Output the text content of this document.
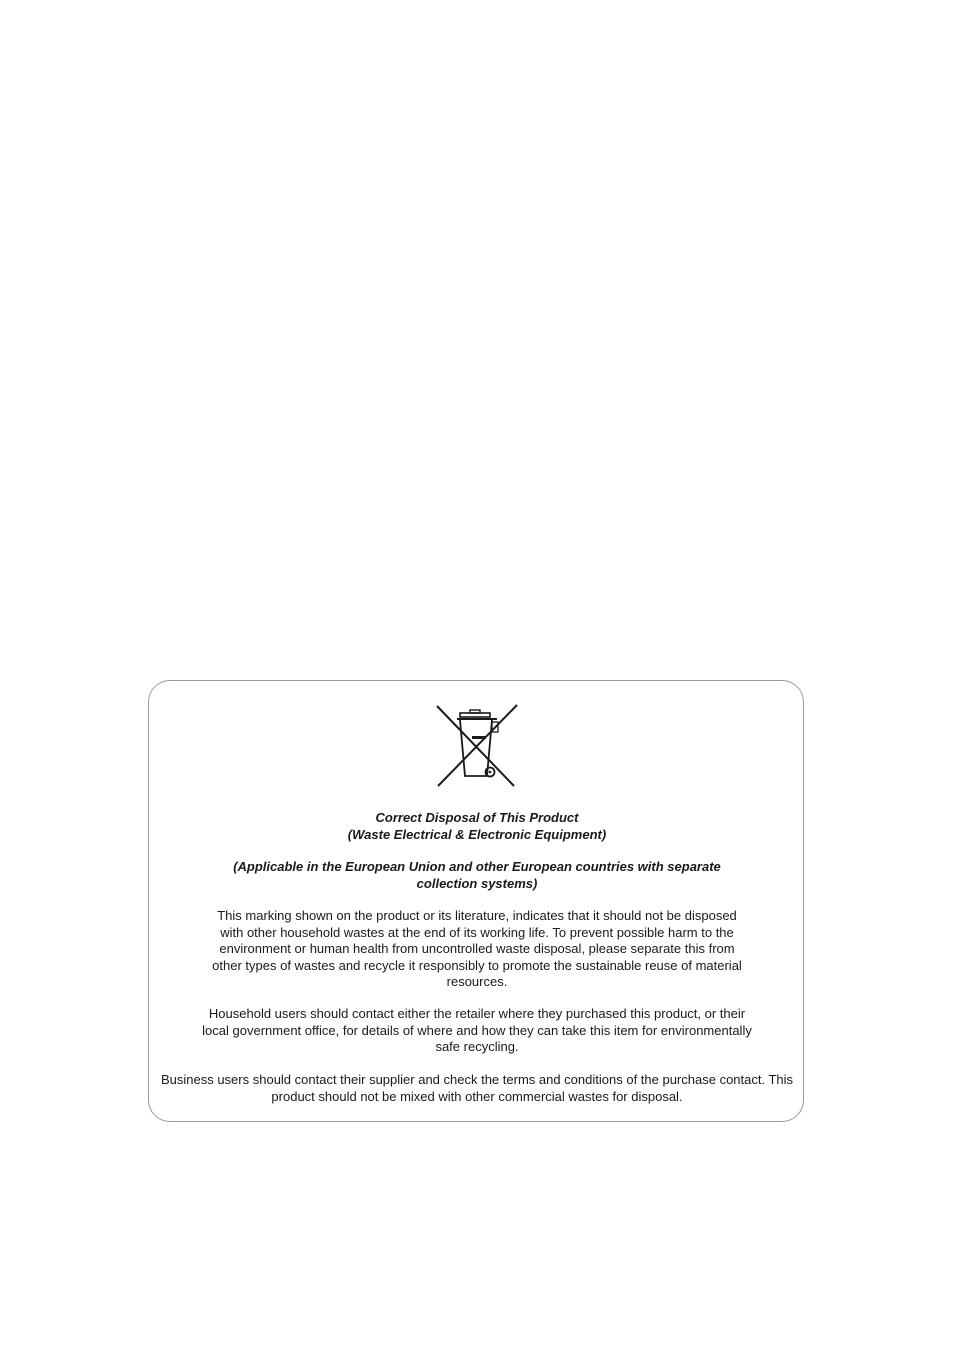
Correct Disposal of This Product
(Waste Electrical & Electronic Equipment)

(Applicable in the European Union and other European countries with separate
collection systems)

This marking shown on the product or its literature, indicates that it should not be disposed with other household wastes at the end of its working life. To prevent possible harm to the environment or human health from uncontrolled waste disposal, please separate this from other types of wastes and recycle it responsibly to promote the sustainable reuse of material resources.

Household users should contact either the retailer where they purchased this product, or their local government office, for details of where and how they can take this item for environmentally safe recycling.

Business users should contact their supplier and check the terms and conditions of the purchase contact. This product should not be mixed with other commercial wastes for disposal.
